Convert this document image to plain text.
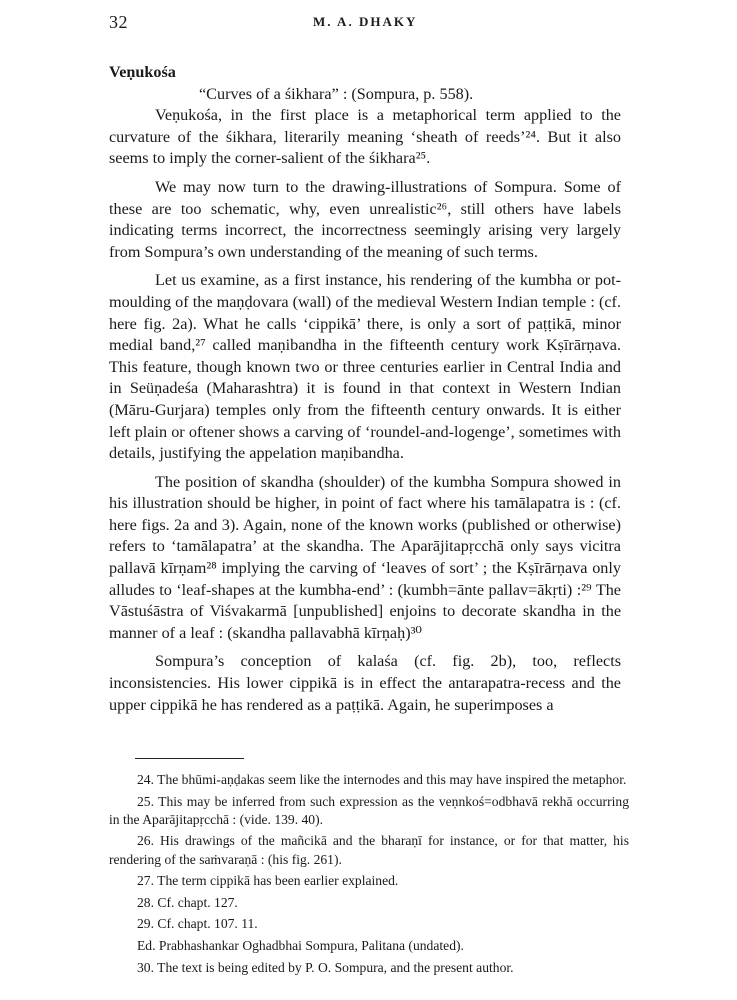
32	M. A. DHAKY

Veṇukośa

“Curves of a śikhara” : (Sompura, p. 558).

Veṇukośa, in the first place is a metaphorical term applied to the curvature of the śikhara, literarily meaning ‘sheath of reeds’²⁴. But it also seems to imply the corner-salient of the śikhara²⁵.

We may now turn to the drawing-illustrations of Sompura. Some of these are too schematic, why, even unrealistic²⁶, still others have labels indicating terms incorrect, the incorrectness seemingly arising very largely from Sompura’s own understanding of the meaning of such terms.

Let us examine, as a first instance, his rendering of the kumbha or pot-moulding of the maṇḍovara (wall) of the medieval Western Indian temple : (cf. here fig. 2a). What he calls ‘cippikā’ there, is only a sort of paṭṭikā, minor medial band,²⁷ called maṇibandha in the fifteenth century work Kṣīrārṇava. This feature, though known two or three centuries earlier in Central India and in Seüṇadeśa (Maharashtra) it is found in that context in Western Indian (Māru-Gurjara) temples only from the fifteenth century onwards. It is either left plain or oftener shows a carving of ‘roundel-and-logenge’, sometimes with details, justifying the appelation maṇibandha.

The position of skandha (shoulder) of the kumbha Sompura showed in his illustration should be higher, in point of fact where his tamālapatra is : (cf. here figs. 2a and 3). Again, none of the known works (published or otherwise) refers to ‘tamālapatra’ at the skandha. The Aparājitapṛcchā only says vicitra pallavā kīrṇam²⁸ implying the carving of ‘leaves of sort’ ; the Kṣīrārṇava only alludes to ‘leaf-shapes at the kumbha-end’ : (kumbh=ānte pallav=ākṛti) :²⁹ The Vāstuśāstra of Viśvakarmā [unpublished] enjoins to decorate skandha in the manner of a leaf : (skandha pallavabhā kīrṇaḥ)³⁰

Sompura’s conception of kalaśa (cf. fig. 2b), too, reflects inconsistencies. His lower cippikā is in effect the antarapatra-recess and the upper cippikā he has rendered as a paṭṭikā. Again, he superimposes a

24. The bhūmi-aṇḍakas seem like the internodes and this may have inspired the metaphor.

25. This may be inferred from such expression as the veṇnkoś=odbhavā rekhā occurring in the Aparājitapṛcchā : (vide. 139. 40).

26. His drawings of the mañcikā and the bharaṇī for instance, or for that matter, his rendering of the saṁvaraṇā : (his fig. 261).

27. The term cippikā has been earlier explained.

28. Cf. chapt. 127.

29. Cf. chapt. 107. 11.

Ed. Prabhashankar Oghadbhai Sompura, Palitana (undated).

30. The text is being edited by P. O. Sompura, and the present author.
